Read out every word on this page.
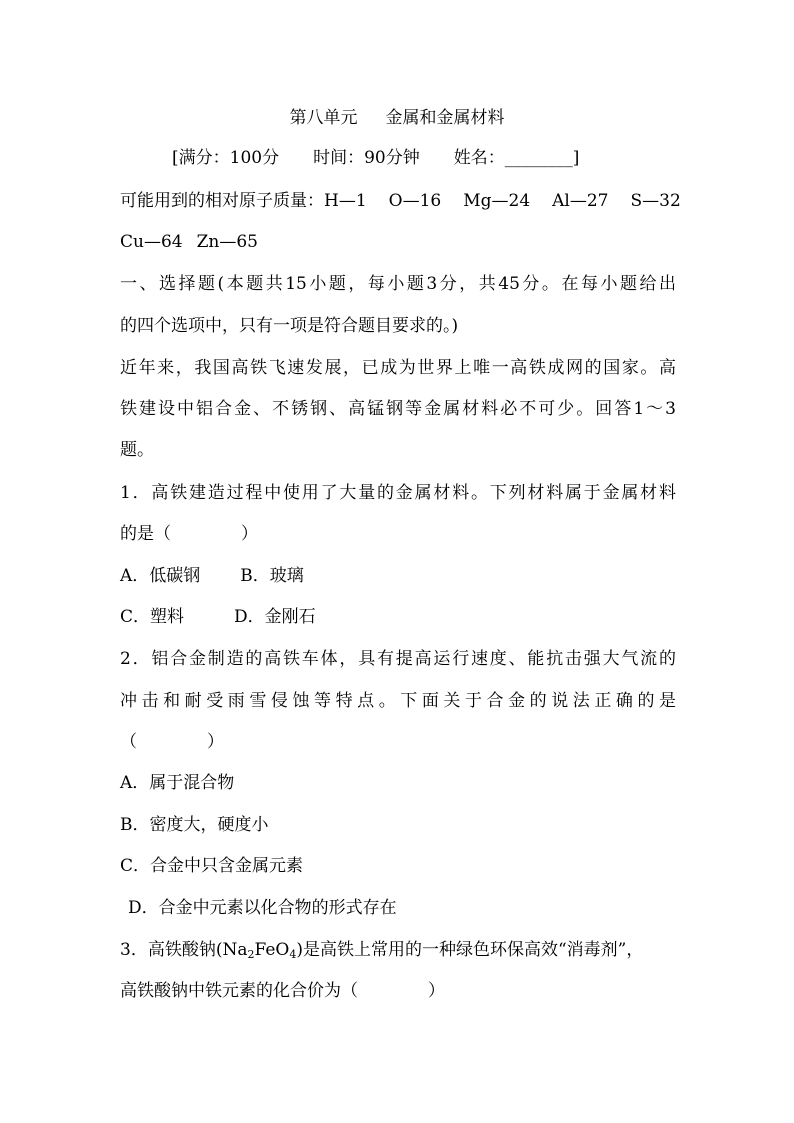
第八单元 金属和金属材料
[满分：100分 时间：90分钟 姓名：________]
可能用到的相对原子质量：H—1 O—16 Mg—24 Al—27 S—32
Cu—64 Zn—65
一、选择题(本题共15小题，每小题3分，共45分。在每小题给出
的四个选项中，只有一项是符合题目要求的。)
近年来，我国高铁飞速发展，已成为世界上唯一高铁成网的国家。高
铁建设中铝合金、不锈钢、高锰钢等金属材料必不可少。回答1～3
题。
1．高铁建造过程中使用了大量的金属材料。下列材料属于金属材料
的是（	）
A．低碳钢 B．玻璃
C．塑料	D．金刚石
2．铝合金制造的高铁车体，具有提高运行速度、能抗击强大气流的
冲击和耐受雨雪侵蚀等特点。下面关于合金的说法正确的是
（	）
A．属于混合物
B．密度大，硬度小
C．合金中只含金属元素
D．合金中元素以化合物的形式存在
3．高铁酸钠$(Na_2FeO_4)$是高铁上常用的一种绿色环保高效“消毒剂”，
高铁酸钠中铁元素的化合价为（	）
